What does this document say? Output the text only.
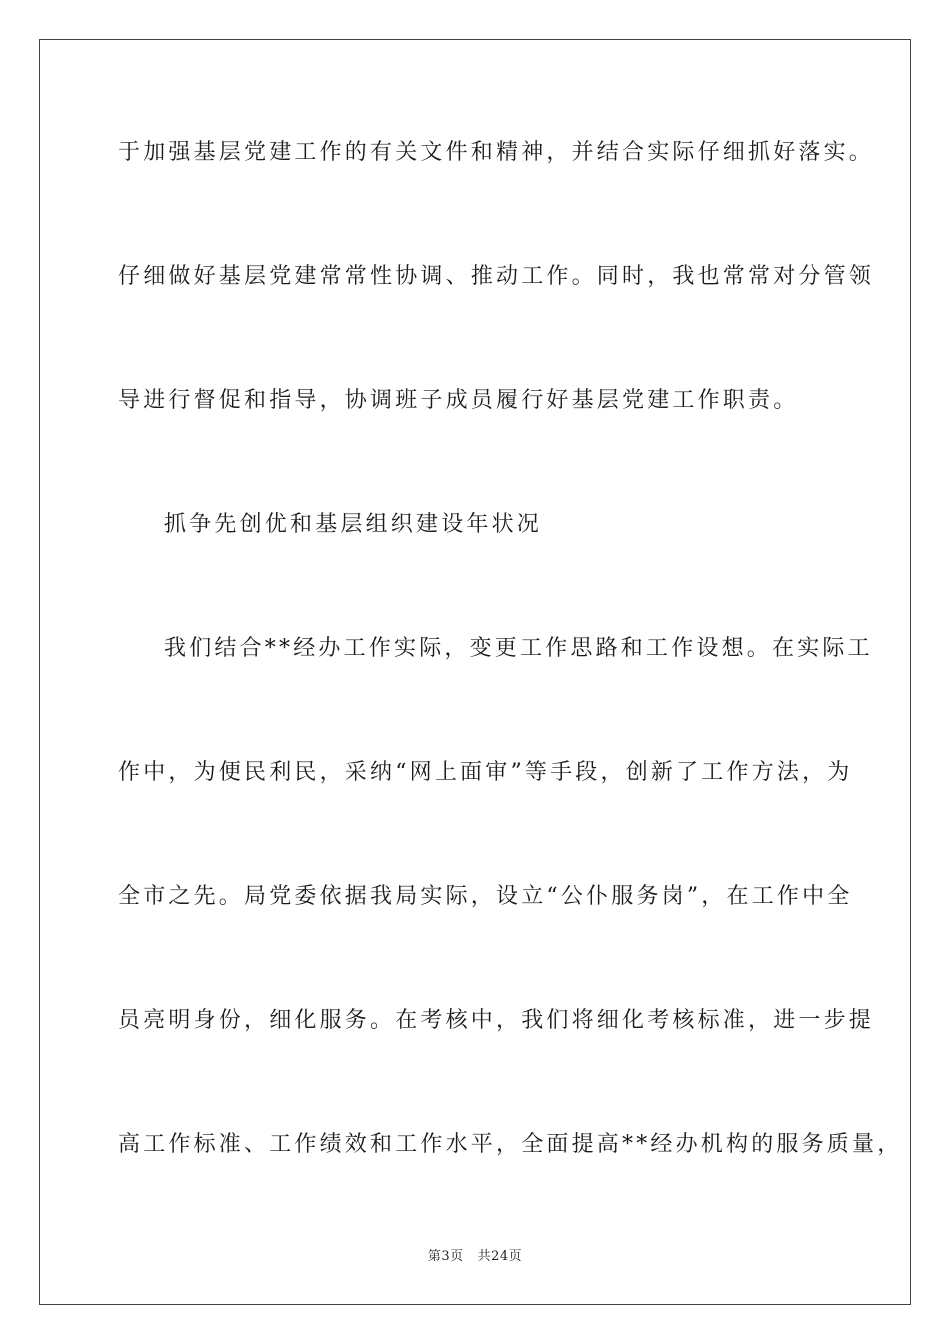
于加强基层党建工作的有关文件和精神，并结合实际仔细抓好落实。
仔细做好基层党建常常性协调、推动工作。同时，我也常常对分管领
导进行督促和指导，协调班子成员履行好基层党建工作职责。
抓争先创优和基层组织建设年状况
我们结合**经办工作实际，变更工作思路和工作设想。在实际工
作中，为便民利民，采纳“网上面审”等手段，创新了工作方法，为
全市之先。局党委依据我局实际，设立“公仆服务岗”，在工作中全
员亮明身份，细化服务。在考核中，我们将细化考核标准，进一步提
高工作标准、工作绩效和工作水平，全面提高**经办机构的服务质量，
第3页 共24页
